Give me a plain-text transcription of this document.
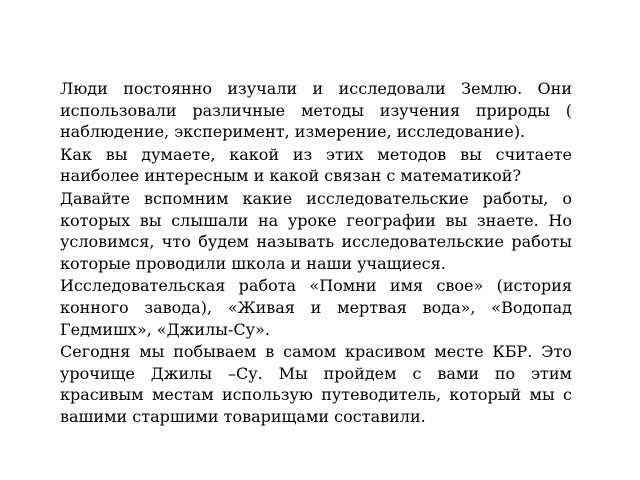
Люди постоянно изучали и исследовали Землю. Они использовали различные методы изучения природы ( наблюдение, эксперимент, измерение, исследование).

Как вы думаете, какой из этих методов вы считаете наиболее интересным и какой связан с математикой?

Давайте вспомним какие исследовательские работы, о которых вы слышали на уроке географии вы знаете. Но условимся, что будем называть исследовательские работы которые проводили школа и наши учащиеся.

Исследовательская работа «Помни имя свое» (история конного завода), «Живая и мертвая вода», «Водопад Гедмишх», «Джилы-Су».

Сегодня мы побываем в самом красивом месте КБР. Это урочище Джилы –Су. Мы пройдем с вами по этим красивым местам использую путеводитель, который мы с вашими старшими товарищами составили.
